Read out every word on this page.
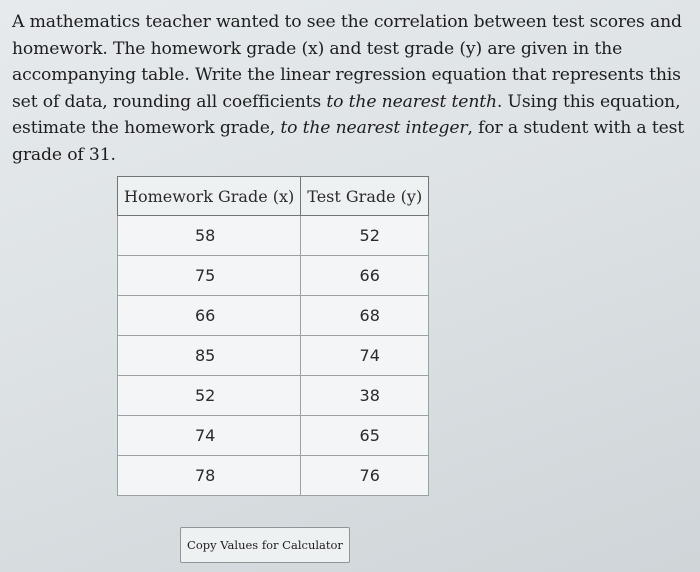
A mathematics teacher wanted to see the correlation between test scores and homework. The homework grade (x) and test grade (y) are given in the accompanying table. Write the linear regression equation that represents this set of data, rounding all coefficients to the nearest tenth. Using this equation, estimate the homework grade, to the nearest integer, for a student with a test grade of 31.

Homework Grade (x)	Test Grade (y)
58	52
75	66
66	68
85	74
52	38
74	65
78	76
Copy Values for Calculator
